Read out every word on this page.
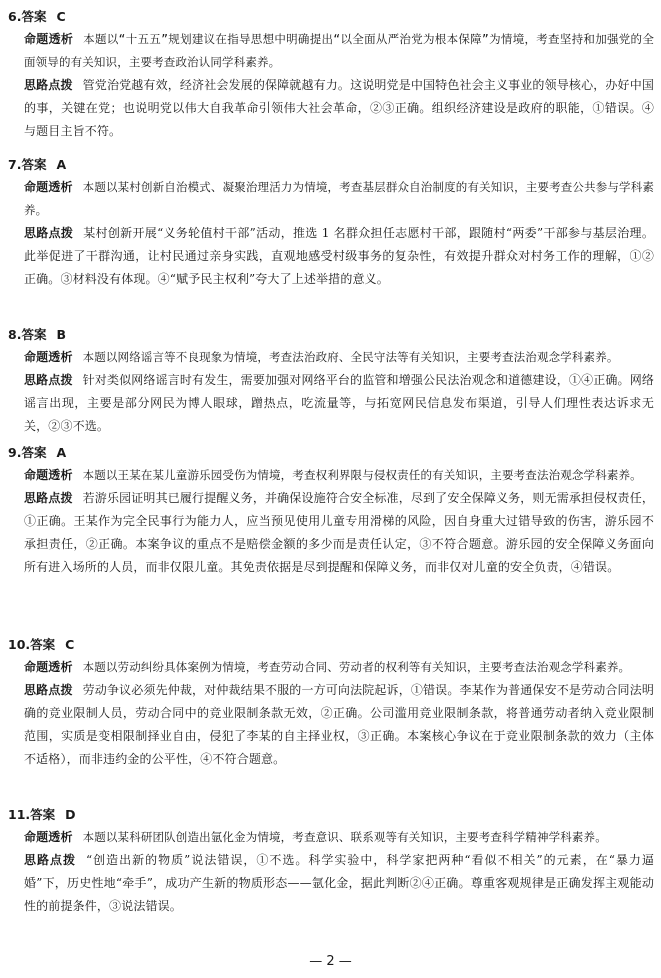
6.答案 C
命题透析 本题以“十五五”规划建议在指导思想中明确提出“以全面从严治党为根本保障”为情境，考查坚持和加强党的全面领导的有关知识，主要考查政治认同学科素养。
思路点拨 管党治党越有效，经济社会发展的保障就越有力。这说明党是中国特色社会主义事业的领导核心，办好中国的事，关键在党；也说明党以伟大自我革命引领伟大社会革命，②③正确。组织经济建设是政府的职能，①错误。④与题目主旨不符。
7.答案 A
命题透析 本题以某村创新自治模式、凝聚治理活力为情境，考查基层群众自治制度的有关知识，主要考查公共参与学科素养。
思路点拨 某村创新开展“义务轮值村干部”活动，推选 1 名群众担任志愿村干部，跟随村“两委”干部参与基层治理。此举促进了干群沟通，让村民通过亲身实践，直观地感受村级事务的复杂性，有效提升群众对村务工作的理解，①②正确。③材料没有体现。④“赋予民主权利”夸大了上述举措的意义。
8.答案 B
命题透析 本题以网络谣言等不良现象为情境，考查法治政府、全民守法等有关知识，主要考查法治观念学科素养。
思路点拨 针对类似网络谣言时有发生，需要加强对网络平台的监管和增强公民法治观念和道德建设，①④正确。网络谣言出现，主要是部分网民为博人眼球，蹭热点，吃流量等，与拓宽网民信息发布渠道，引导人们理性表达诉求无关，②③不选。
9.答案 A
命题透析 本题以王某在某儿童游乐园受伤为情境，考查权利界限与侵权责任的有关知识，主要考查法治观念学科素养。
思路点拨 若游乐园证明其已履行提醒义务，并确保设施符合安全标准，尽到了安全保障义务，则无需承担侵权责任，①正确。王某作为完全民事行为能力人，应当预见使用儿童专用滑梯的风险，因自身重大过错导致的伤害，游乐园不承担责任，②正确。本案争议的重点不是赔偿金额的多少而是责任认定，③不符合题意。游乐园的安全保障义务面向所有进入场所的人员，而非仅限儿童。其免责依据是尽到提醒和保障义务，而非仅对儿童的安全负责，④错误。
10.答案 C
命题透析 本题以劳动纠纷具体案例为情境，考查劳动合同、劳动者的权利等有关知识，主要考查法治观念学科素养。
思路点拨 劳动争议必须先仲裁，对仲裁结果不服的一方可向法院起诉，①错误。李某作为普通保安不是劳动合同法明确的竞业限制人员，劳动合同中的竞业限制条款无效，②正确。公司滥用竞业限制条款，将普通劳动者纳入竞业限制范围，实质是变相限制择业自由，侵犯了李某的自主择业权，③正确。本案核心争议在于竞业限制条款的效力（主体不适格），而非违约金的公平性，④不符合题意。
11.答案 D
命题透析 本题以某科研团队创造出氩化金为情境，考查意识、联系观等有关知识，主要考查科学精神学科素养。
思路点拨 “创造出新的物质”说法错误，①不选。科学实验中，科学家把两种“看似不相关”的元素，在“暴力逼婚”下，历史性地“牵手”，成功产生新的物质形态——氩化金，据此判断②④正确。尊重客观规律是正确发挥主观能动性的前提条件，③说法错误。
— 2 —
